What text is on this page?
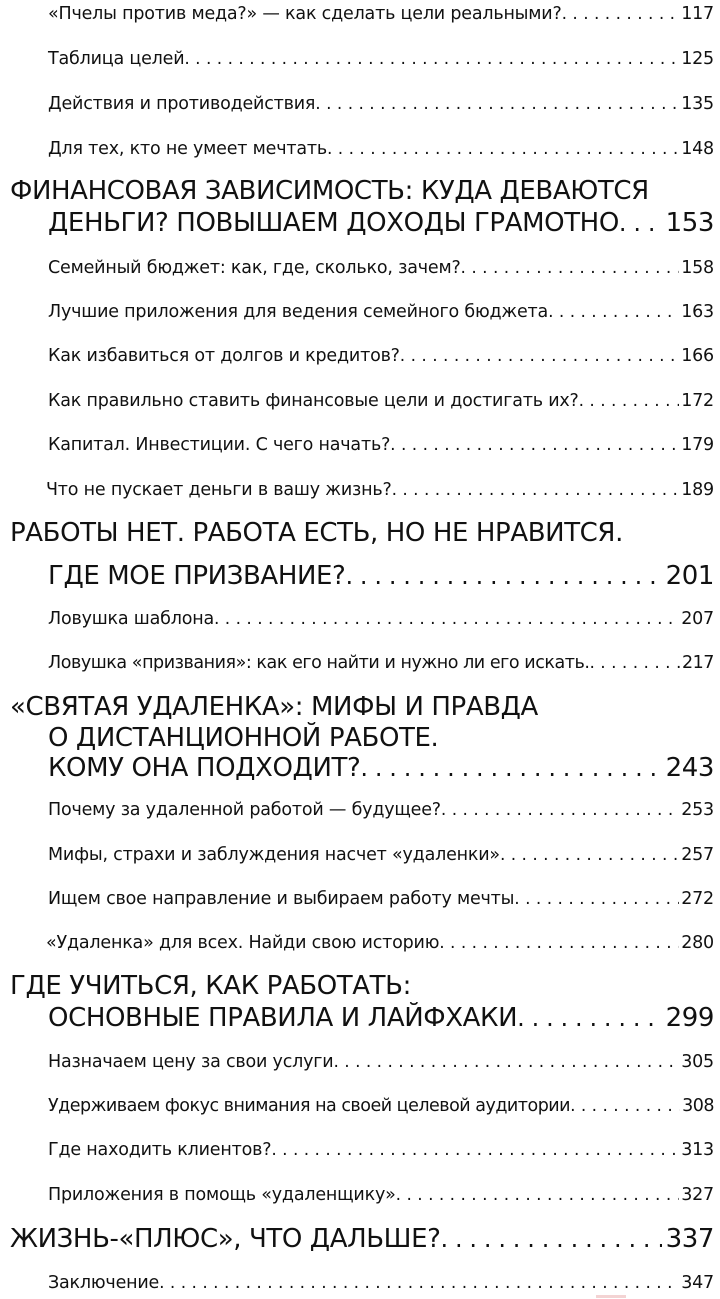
«Пчелы против меда?» — как сделать цели реальными? . . .	117
Таблица целей . . .	125
Действия и противодействия . . .	135
Для тех, кто не умеет мечтать . . .	148
ФИНАНСОВАЯ ЗАВИСИМОСТЬ: КУДА ДЕВАЮТСЯ
ДЕНЬГИ? ПОВЫШАЕМ ДОХОДЫ ГРАМОТНО . . . 153
Семейный бюджет: как, где, сколько, зачем? . . .	158
Лучшие приложения для ведения семейного бюджета . . .	163
Как избавиться от долгов и кредитов? . . .	166
Как правильно ставить финансовые цели и достигать их? . . .	172
Капитал. Инвестиции. С чего начать? . . .	179
Что не пускает деньги в вашу жизнь? . . .	189
РАБОТЫ НЕТ. РАБОТА ЕСТЬ, НО НЕ НРАВИТСЯ.
ГДЕ МОЕ ПРИЗВАНИЕ? . . .	201
Ловушка шаблона . . .	207
Ловушка «призвания»: как его найти и нужно ли его искать. . . .	217
«СВЯТАЯ УДАЛЕНКА»: МИФЫ И ПРАВДА
О ДИСТАНЦИОННОЙ РАБОТЕ.
КОМУ ОНА ПОДХОДИТ? . . .	243
Почему за удаленной работой — будущее? . . .	253
Мифы, страхи и заблуждения насчет «удаленки» . . .	257
Ищем свое направление и выбираем работу мечты . . .	272
«Удаленка» для всех. Найди свою историю . . .	280
ГДЕ УЧИТЬСЯ, КАК РАБОТАТЬ:
ОСНОВНЫЕ ПРАВИЛА И ЛАЙФХАКИ . . .	299
Назначаем цену за свои услуги . . .	305
Удерживаем фокус внимания на своей целевой аудитории . . .	308
Где находить клиентов? . . .	313
Приложения в помощь «удаленщику» . . .	327
ЖИЗНЬ-«ПЛЮС», ЧТО ДАЛЬШЕ? . . .	337
Заключение . . .	347
